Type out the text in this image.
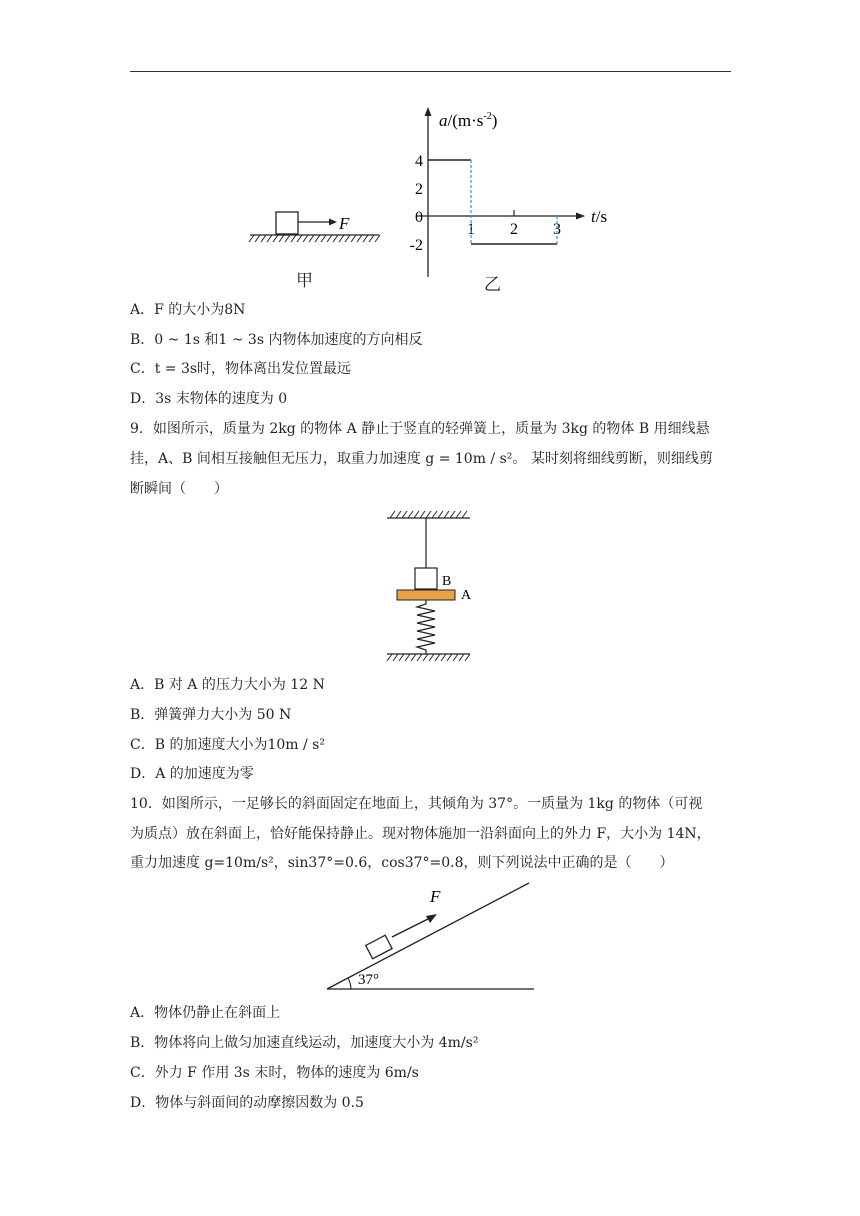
F
甲
$a/(m\cdot s^{-2})$
t/s
4
2
0
-2
1 2 3
乙
A．F 的大小为8N
B．0 ~ 1s 和1 ~ 3s 内物体加速度的方向相反
C．t = 3s时，物体离出发位置最远
D．3s 末物体的速度为 0
9．如图所示，质量为 2kg 的物体 A 静止于竖直的轻弹簧上，质量为 3kg 的物体 B 用细线悬
挂，A、B 间相互接触但无压力，取重力加速度 g = 10m / s²。 某时刻将细线剪断，则细线剪
断瞬间（　　）
B
A
A．B 对 A 的压力大小为 12 N
B．弹簧弹力大小为 50 N
C．B 的加速度大小为10m / s²
D．A 的加速度为零
10．如图所示，一足够长的斜面固定在地面上，其倾角为 37°。一质量为 1kg 的物体（可视
为质点）放在斜面上，恰好能保持静止。现对物体施加一沿斜面向上的外力 F，大小为 14N，
重力加速度 g=10m/s²，sin37°=0.6，cos37°=0.8，则下列说法中正确的是（　　）
37°
F
A．物体仍静止在斜面上
B．物体将向上做匀加速直线运动，加速度大小为 4m/s²
C．外力 F 作用 3s 末时，物体的速度为 6m/s
D．物体与斜面间的动摩擦因数为 0.5
